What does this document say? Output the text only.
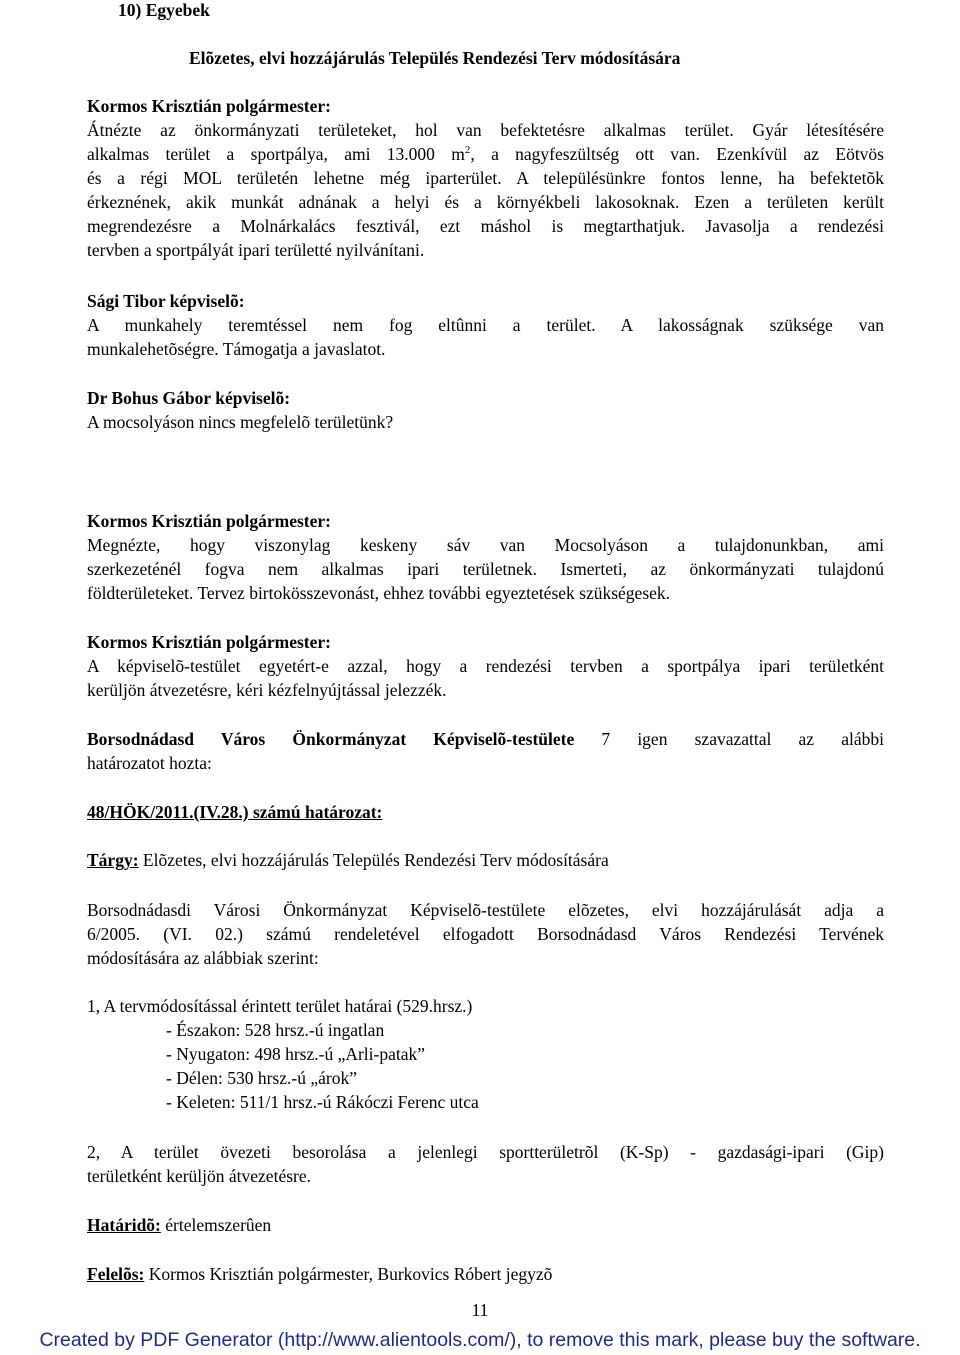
10) Egyebek
Elõzetes, elvi hozzájárulás Település Rendezési Terv módosítására
Kormos Krisztián polgármester:
Átnézte az önkormányzati területeket, hol van befektetésre alkalmas terület. Gyár létesítésére
alkalmas terület a sportpálya, ami 13.000 $m^2$, a nagyfeszültség ott van. Ezenkívül az Eötvös
és a régi MOL területén lehetne még iparterület. A településünkre fontos lenne, ha befektetõk
érkeznének, akik munkát adnának a helyi és a környékbeli lakosoknak. Ezen a területen került
megrendezésre a Molnárkalács fesztivál, ezt máshol is megtarthatjuk. Javasolja a rendezési
tervben a sportpályát ipari területté nyilvánítani.
Sági Tibor képviselõ:
A munkahely teremtéssel nem fog eltûnni a terület. A lakosságnak szüksége van
munkalehetõségre. Támogatja a javaslatot.
Dr Bohus Gábor képviselõ:
A mocsolyáson nincs megfelelõ területünk?
Kormos Krisztián polgármester:
Megnézte, hogy viszonylag keskeny sáv van Mocsolyáson a tulajdonunkban, ami
szerkezeténél fogva nem alkalmas ipari területnek. Ismerteti, az önkormányzati tulajdonú
földterületeket. Tervez birtokösszevonást, ehhez további egyeztetések szükségesek.
Kormos Krisztián polgármester:
A képviselõ-testület egyetért-e azzal, hogy a rendezési tervben a sportpálya ipari területként
kerüljön átvezetésre, kéri kézfelnyújtással jelezzék.
Borsodnádasd Város Önkormányzat Képviselõ-testülete 7 igen szavazattal az alábbi
határozatot hozta:
48/HÖK/2011.(IV.28.) számú határozat:
Tárgy: Elõzetes, elvi hozzájárulás Település Rendezési Terv módosítására
Borsodnádasdi Városi Önkormányzat Képviselõ-testülete elõzetes, elvi hozzájárulását adja a
6/2005. (VI. 02.) számú rendeletével elfogadott Borsodnádasd Város Rendezési Tervének
módosítására az alábbiak szerint:
1, A tervmódosítással érintett terület határai (529.hrsz.)
- Északon: 528 hrsz.-ú ingatlan
- Nyugaton: 498 hrsz.-ú „Arli-patak”
- Délen: 530 hrsz.-ú „árok”
- Keleten: 511/1 hrsz.-ú Rákóczi Ferenc utca
2, A terület övezeti besorolása a jelenlegi sportterületrõl (K-Sp) - gazdasági-ipari (Gip)
területként kerüljön átvezetésre.
Határidõ: értelemszerûen
Felelõs: Kormos Krisztián polgármester, Burkovics Róbert jegyzõ
11
Created by PDF Generator (http://www.alientools.com/), to remove this mark, please buy the software.
